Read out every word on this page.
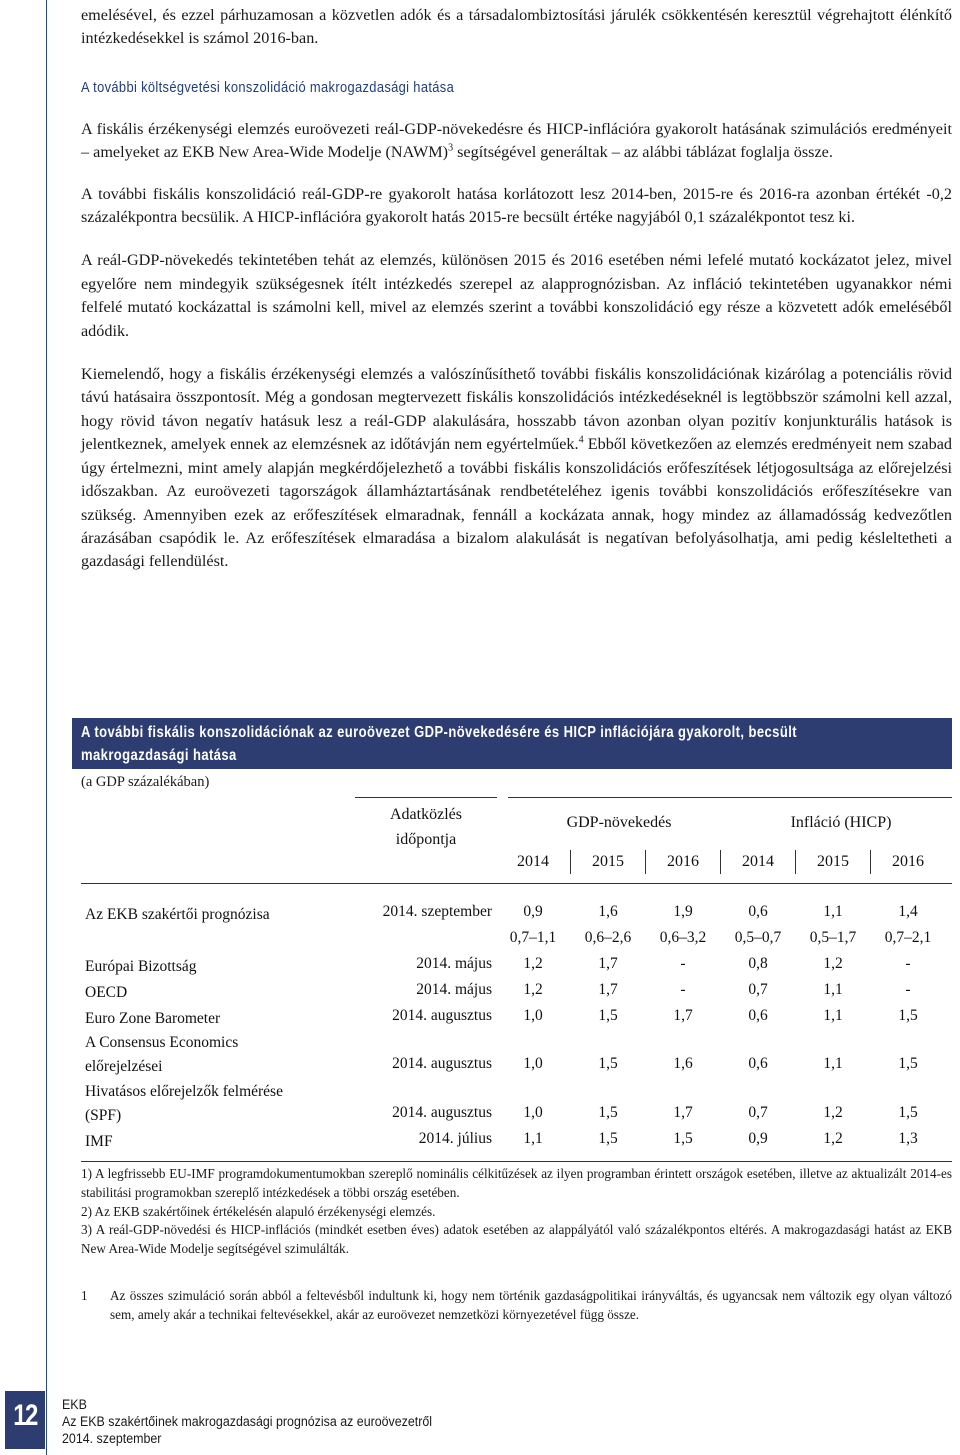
emelésével, és ezzel párhuzamosan a közvetlen adók és a társadalombiztosítási járulék csökkentésén keresztül végrehajtott élénkítő intézkedésekkel is számol 2016-ban.

A további költségvetési konszolidáció makrogazdasági hatása

A fiskális érzékenységi elemzés euroövezeti reál-GDP-növekedésre és HICP-inflációra gyakorolt hatásának szimulációs eredményeit – amelyeket az EKB New Area-Wide Modelje (NAWM)$^3$ segítségével generáltak – az alábbi táblázat foglalja össze.

A további fiskális konszolidáció reál-GDP-re gyakorolt hatása korlátozott lesz 2014-ben, 2015-re és 2016-ra azonban értékét -0,2 százalékpontra becsülik. A HICP-inflációra gyakorolt hatás 2015-re becsült értéke nagyjából 0,1 százalékpontot tesz ki.

A reál-GDP-növekedés tekintetében tehát az elemzés, különösen 2015 és 2016 esetében némi lefelé mutató kockázatot jelez, mivel egyelőre nem mindegyik szükségesnek ítélt intézkedés szerepel az alapprognózisban. Az infláció tekintetében ugyanakkor némi felfelé mutató kockázattal is számolni kell, mivel az elemzés szerint a további konszolidáció egy része a közvetett adók emeléséből adódik.

Kiemelendő, hogy a fiskális érzékenységi elemzés a valószínűsíthető további fiskális konszolidációnak kizárólag a potenciális rövid távú hatásaira összpontosít. Még a gondosan megtervezett fiskális konszolidációs intézkedéseknél is legtöbbször számolni kell azzal, hogy rövid távon negatív hatásuk lesz a reál-GDP alakulására, hosszabb távon azonban olyan pozitív konjunkturális hatások is jelentkeznek, amelyek ennek az elemzésnek az időtávján nem egyértelműek.$^4$ Ebből következően az elemzés eredményeit nem szabad úgy értelmezni, mint amely alapján megkérdőjelezhető a további fiskális konszolidációs erőfeszítések létjogosultsága az előrejelzési időszakban. Az euroövezeti tagországok államháztartásának rendbetételéhez igenis további konszolidációs erőfeszítésekre van szükség. Amennyiben ezek az erőfeszítések elmaradnak, fennáll a kockázata annak, hogy mindez az államadósság kedvezőtlen árazásában csapódik le. Az erőfeszítések elmaradása a bizalom alakulását is negatívan befolyásolhatja, ami pedig késleltetheti a gazdasági fellendülést.

A további fiskális konszolidációnak az euroövezet GDP-növekedésére és HICP inflációjára gyakorolt, becsült
makrogazdasági hatása
(a GDP százalékában)
Adatközlés
időpontja
GDP-növekedés	Infláció (HICP)
2014	2015	2016	2014	2015	2016
Az EKB szakértői prognózisa	2014. szeptember	0,9	1,6	1,9	0,6	1,1	1,4
0,7–1,1	0,6–2,6	0,6–3,2	0,5–0,7	0,5–1,7	0,7–2,1
Európai Bizottság	2014. május	1,2	1,7	-	0,8	1,2	-
OECD	2014. május	1,2	1,7	-	0,7	1,1	-
Euro Zone Barometer	2014. augusztus	1,0	1,5	1,7	0,6	1,1	1,5
A Consensus Economics
előrejelzései	2014. augusztus	1,0	1,5	1,6	0,6	1,1	1,5
Hivatásos előrejelzők felmérése
(SPF)	2014. augusztus	1,0	1,5	1,7	0,7	1,2	1,5
IMF	2014. július	1,1	1,5	1,5	0,9	1,2	1,3

1) A legfrissebb EU-IMF programdokumentumokban szereplő nominális célkitűzések az ilyen programban érintett országok esetében, illetve az aktualizált 2014-es stabilitási programokban szereplő intézkedések a többi ország esetében.

2) Az EKB szakértőinek értékelésén alapuló érzékenységi elemzés.

3) A reál-GDP-növedési és HICP-inflációs (mindkét esetben éves) adatok esetében az alappályától való százalékpontos eltérés. A makrogazdasági hatást az EKB New Area-Wide Modelje segítségével szimulálták.

1 Az összes szimuláció során abból a feltevésből indultunk ki, hogy nem történik gazdaságpolitikai irányváltás, és ugyancsak nem változik egy olyan változó sem, amely akár a technikai feltevésekkel, akár az euroövezet nemzetközi környezetével függ össze.
12	EKB
Az EKB szakértőinek makrogazdasági prognózisa az euroövezetről
2014. szeptember
